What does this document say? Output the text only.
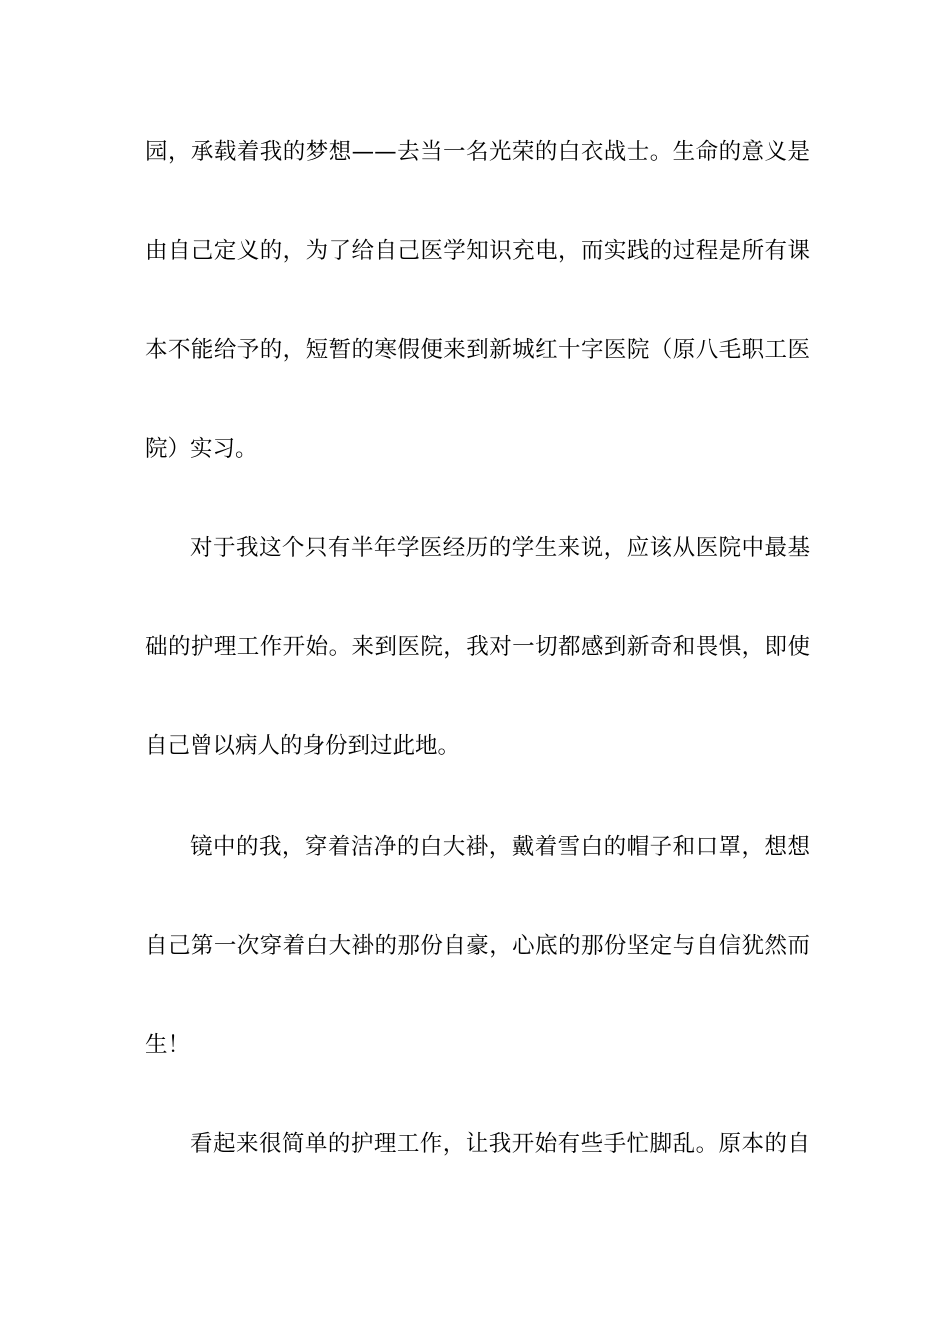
园，承载着我的梦想——去当一名光荣的白衣战士。生命的意义是
由自己定义的，为了给自己医学知识充电，而实践的过程是所有课
本不能给予的，短暂的寒假便来到新城红十字医院（原八毛职工医
院）实习。
对于我这个只有半年学医经历的学生来说，应该从医院中最基
础的护理工作开始。来到医院，我对一切都感到新奇和畏惧，即使
自己曾以病人的身份到过此地。
镜中的我，穿着洁净的白大褂，戴着雪白的帽子和口罩，想想
自己第一次穿着白大褂的那份自豪，心底的那份坚定与自信犹然而
生！
看起来很简单的护理工作，让我开始有些手忙脚乱。原本的自
